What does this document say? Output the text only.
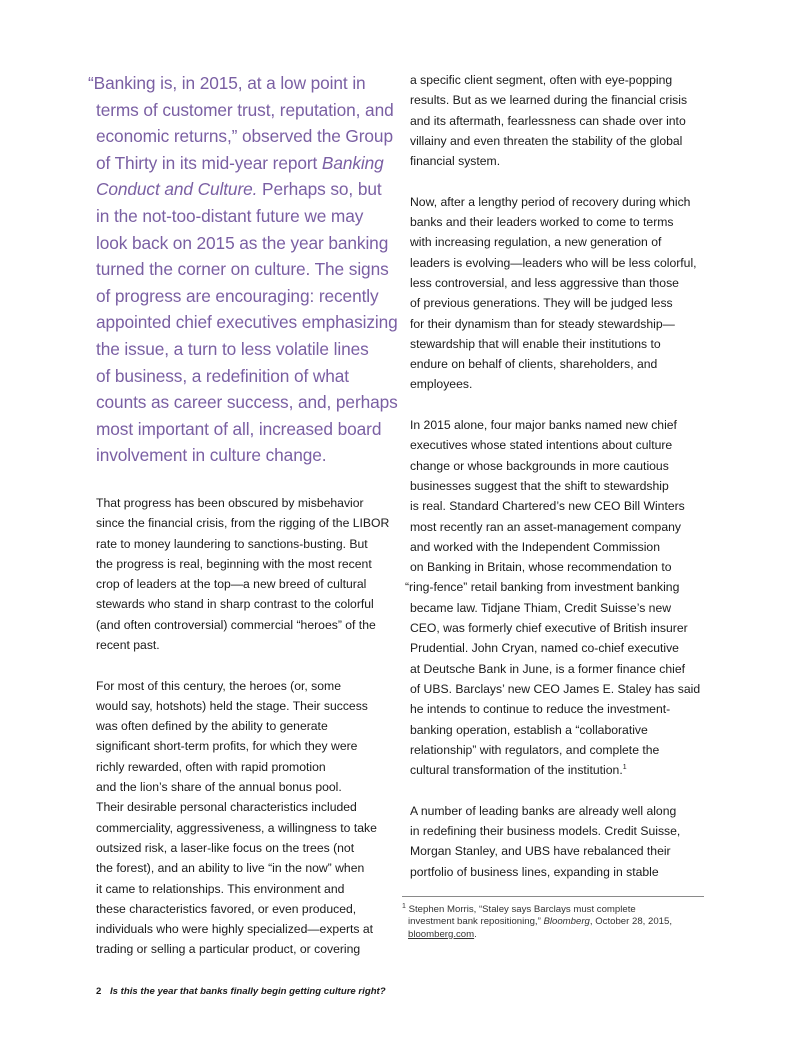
“Banking is, in 2015, at a low point in
terms of customer trust, reputation, and
economic returns,” observed the Group
of Thirty in its mid-year report Banking
Conduct and Culture. Perhaps so, but
in the not-too-distant future we may
look back on 2015 as the year banking
turned the corner on culture. The signs
of progress are encouraging: recently
appointed chief executives emphasizing
the issue, a turn to less volatile lines
of business, a redefinition of what
counts as career success, and, perhaps
most important of all, increased board
involvement in culture change.

That progress has been obscured by misbehavior
since the financial crisis, from the rigging of the LIBOR
rate to money laundering to sanctions-busting. But
the progress is real, beginning with the most recent
crop of leaders at the top—a new breed of cultural
stewards who stand in sharp contrast to the colorful
(and often controversial) commercial “heroes” of the
recent past.

For most of this century, the heroes (or, some
would say, hotshots) held the stage. Their success
was often defined by the ability to generate
significant short-term profits, for which they were
richly rewarded, often with rapid promotion
and the lion’s share of the annual bonus pool.
Their desirable personal characteristics included
commerciality, aggressiveness, a willingness to take
outsized risk, a laser-like focus on the trees (not
the forest), and an ability to live “in the now” when
it came to relationships. This environment and
these characteristics favored, or even produced,
individuals who were highly specialized—experts at
trading or selling a particular product, or covering

a specific client segment, often with eye-popping
results. But as we learned during the financial crisis
and its aftermath, fearlessness can shade over into
villainy and even threaten the stability of the global
financial system.

Now, after a lengthy period of recovery during which
banks and their leaders worked to come to terms
with increasing regulation, a new generation of
leaders is evolving—leaders who will be less colorful,
less controversial, and less aggressive than those
of previous generations. They will be judged less
for their dynamism than for steady stewardship—
stewardship that will enable their institutions to
endure on behalf of clients, shareholders, and
employees.

In 2015 alone, four major banks named new chief
executives whose stated intentions about culture
change or whose backgrounds in more cautious
businesses suggest that the shift to stewardship
is real. Standard Chartered’s new CEO Bill Winters
most recently ran an asset-management company
and worked with the Independent Commission
on Banking in Britain, whose recommendation to
“ring-fence” retail banking from investment banking
became law. Tidjane Thiam, Credit Suisse’s new
CEO, was formerly chief executive of British insurer
Prudential. John Cryan, named co-chief executive
at Deutsche Bank in June, is a former finance chief
of UBS. Barclays’ new CEO James E. Staley has said
he intends to continue to reduce the investment-
banking operation, establish a “collaborative
relationship” with regulators, and complete the
cultural transformation of the institution.$^1$

A number of leading banks are already well along
in redefining their business models. Credit Suisse,
Morgan Stanley, and UBS have rebalanced their
portfolio of business lines, expanding in stable

$^1$ Stephen Morris, “Staley says Barclays must complete
investment bank repositioning,” Bloomberg, October 28, 2015,
bloomberg.com.
2 Is this the year that banks finally begin getting culture right?
